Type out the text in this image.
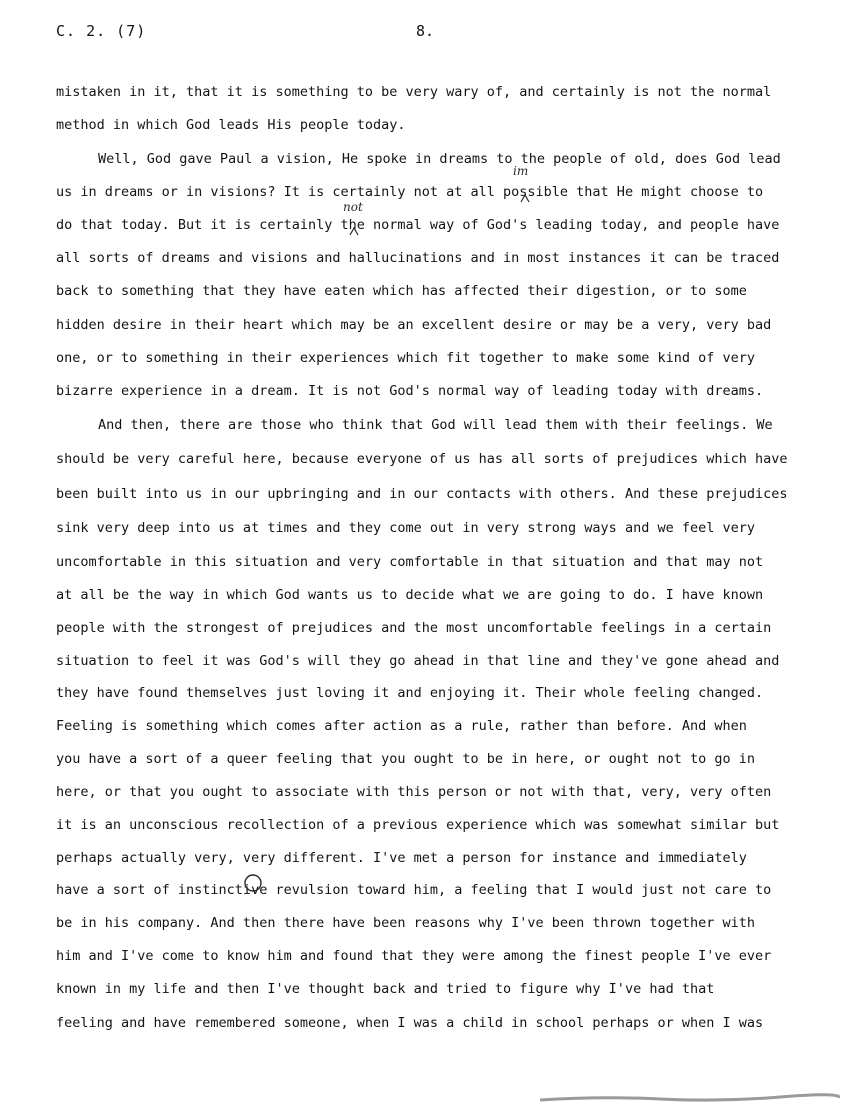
C. 2. (7)	8.

mistaken in it, that it is something to be very wary of, and certainly is not the normal

method in which God leads His people today.

Well, God gave Paul a vision, He spoke in dreams to the people of old, does God lead

us in dreams or in visions? It is certainly not at all possible that He might choose to

do that today. But it is certainly the normal way of God's leading today, and people have

all sorts of dreams and visions and hallucinations and in most instances it can be traced

back to something that they have eaten which has affected their digestion, or to some

hidden desire in their heart which may be an excellent desire or may be a very, very bad

one, or to something in their experiences which fit together to make some kind of very

bizarre experience in a dream. It is not God's normal way of leading today with dreams.

And then, there are those who think that God will lead them with their feelings. We

should be very careful here, because everyone of us has all sorts of prejudices which have

been built into us in our upbringing and in our contacts with others. And these prejudices

sink very deep into us at times and they come out in very strong ways and we feel very

uncomfortable in this situation and very comfortable in that situation and that may not

at all be the way in which God wants us to decide what we are going to do. I have known

people with the strongest of prejudices and the most uncomfortable feelings in a certain

situation to feel it was God's will they go ahead in that line and they've gone ahead and

they have found themselves just loving it and enjoying it. Their whole feeling changed.

Feeling is something which comes after action as a rule, rather than before. And when

you have a sort of a queer feeling that you ought to be in here, or ought not to go in

here, or that you ought to associate with this person or not with that, very, very often

it is an unconscious recollection of a previous experience which was somewhat similar but

perhaps actually very, very different. I've met a person for instance and immediately

have a sort of instinctive revulsion toward him, a feeling that I would just not care to

be in his company. And then there have been reasons why I've been thrown together with

him and I've come to know him and found that they were among the finest people I've ever

known in my life and then I've thought back and tried to figure why I've had that

feeling and have remembered someone, when I was a child in school perhaps or when I was

im
not
